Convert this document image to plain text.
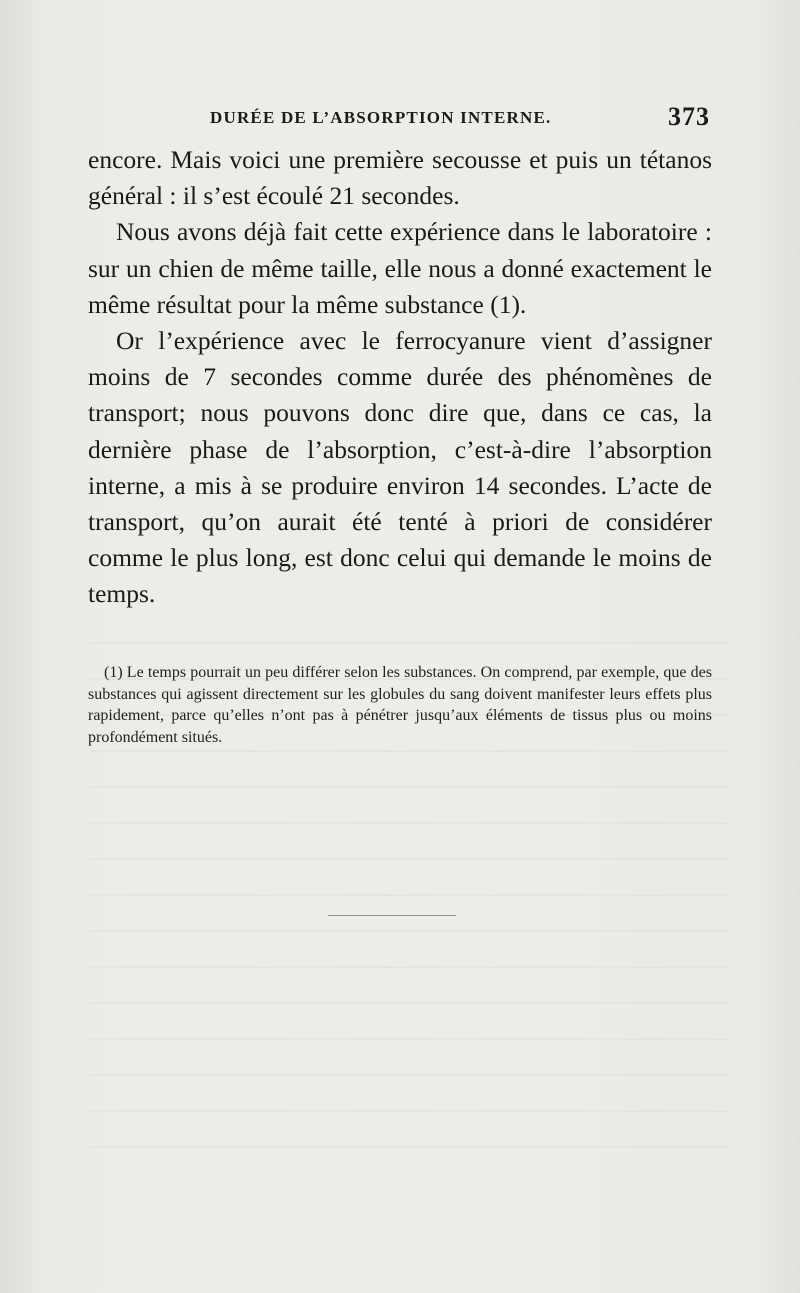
DURÉE DE L’ABSORPTION INTERNE.	373

encore. Mais voici une première secousse et puis un tétanos général : il s’est écoulé 21 secondes.

Nous avons déjà fait cette expérience dans le laboratoire : sur un chien de même taille, elle nous a donné exactement le même résultat pour la même substance (1).

Or l’expérience avec le ferrocyanure vient d’assigner moins de 7 secondes comme durée des phénomènes de transport; nous pouvons donc dire que, dans ce cas, la dernière phase de l’absorption, c’est-à-dire l’absorption interne, a mis à se produire environ 14 secondes. L’acte de transport, qu’on aurait été tenté à priori de considérer comme le plus long, est donc celui qui demande le moins de temps.

(1) Le temps pourrait un peu différer selon les substances. On comprend, par exemple, que des substances qui agissent directement sur les globules du sang doivent manifester leurs effets plus rapidement, parce qu’elles n’ont pas à pénétrer jusqu’aux éléments de tissus plus ou moins profondément situés.
